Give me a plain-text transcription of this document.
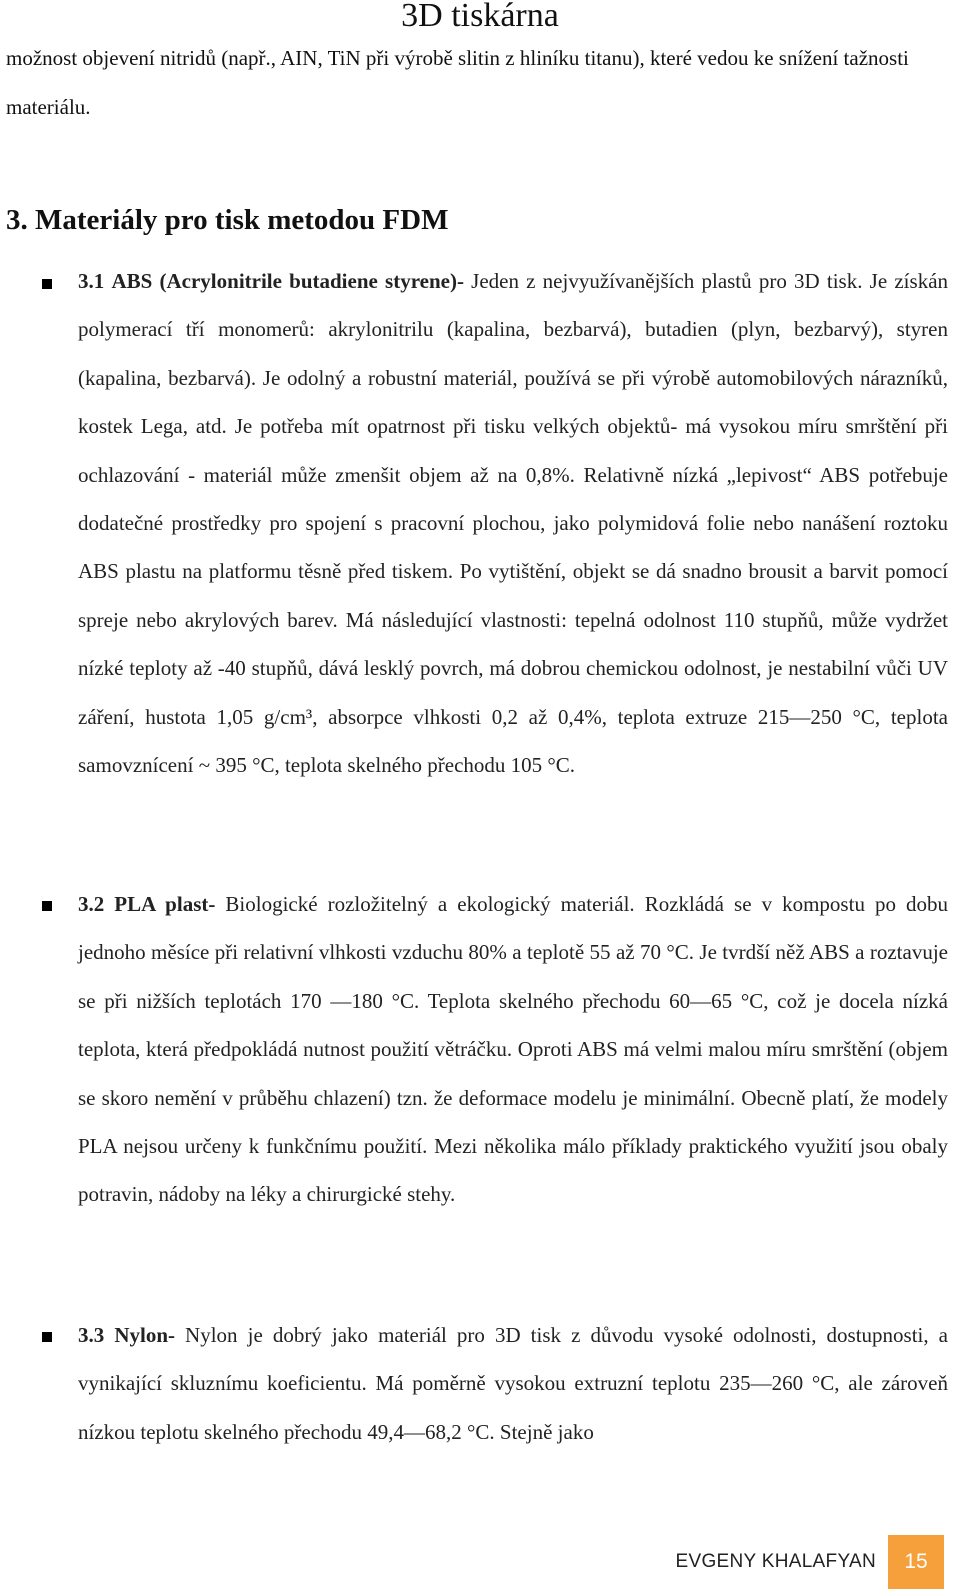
3D tiskárna

možnost objevení nitridů (např., AIN, TiN při výrobě slitin z hliníku titanu), které vedou ke snížení tažnosti materiálu.

3. Materiály pro tisk metodou FDM

3.1 ABS (Acrylonitrile butadiene styrene)- Jeden z nejvyužívanějších plastů pro 3D tisk. Je získán polymerací tří monomerů: akrylonitrilu (kapalina, bezbarvá), butadien (plyn, bezbarvý), styren (kapalina, bezbarvá). Je odolný a robustní materiál, používá se při výrobě automobilových nárazníků, kostek Lega, atd. Je potřeba mít opatrnost při tisku velkých objektů- má vysokou míru smrštění při ochlazování - materiál může zmenšit objem až na 0,8%. Relativně nízká „lepivost“ ABS potřebuje dodatečné prostředky pro spojení s pracovní plochou, jako polymidová folie nebo nanášení roztoku ABS plastu na platformu těsně před tiskem. Po vytištění, objekt se dá snadno brousit a barvit pomocí spreje nebo akrylových barev. Má následující vlastnosti: tepelná odolnost 110 stupňů, může vydržet nízké teploty až -40 stupňů, dává lesklý povrch, má dobrou chemickou odolnost, je nestabilní vůči UV záření, hustota 1,05 g/cm³, absorpce vlhkosti 0,2 až 0,4%, teplota extruze 215—250 °C, teplota samovznícení ~ 395 °C, teplota skelného přechodu 105 °C.

3.2 PLA plast- Biologické rozložitelný a ekologický materiál. Rozkládá se v kompostu po dobu jednoho měsíce při relativní vlhkosti vzduchu 80% a teplotě 55 až 70 °C. Je tvrdší něž ABS a roztavuje se při nižších teplotách 170 —180 °C. Teplota skelného přechodu 60—65 °C, což je docela nízká teplota, která předpokládá nutnost použití větráčku. Oproti ABS má velmi malou míru smrštění (objem se skoro nemění v průběhu chlazení) tzn. že deformace modelu je minimální. Obecně platí, že modely PLA nejsou určeny k funkčnímu použití. Mezi několika málo příklady praktického využití jsou obaly potravin, nádoby na léky a chirurgické stehy.

3.3 Nylon- Nylon je dobrý jako materiál pro 3D tisk z důvodu vysoké odolnosti, dostupnosti, a vynikající skluznímu koeficientu. Má poměrně vysokou extruzní teplotu 235—260 °C, ale zároveň nízkou teplotu skelného přechodu 49,4—68,2 °C. Stejně jako

EVGENY KHALAFYAN	15
